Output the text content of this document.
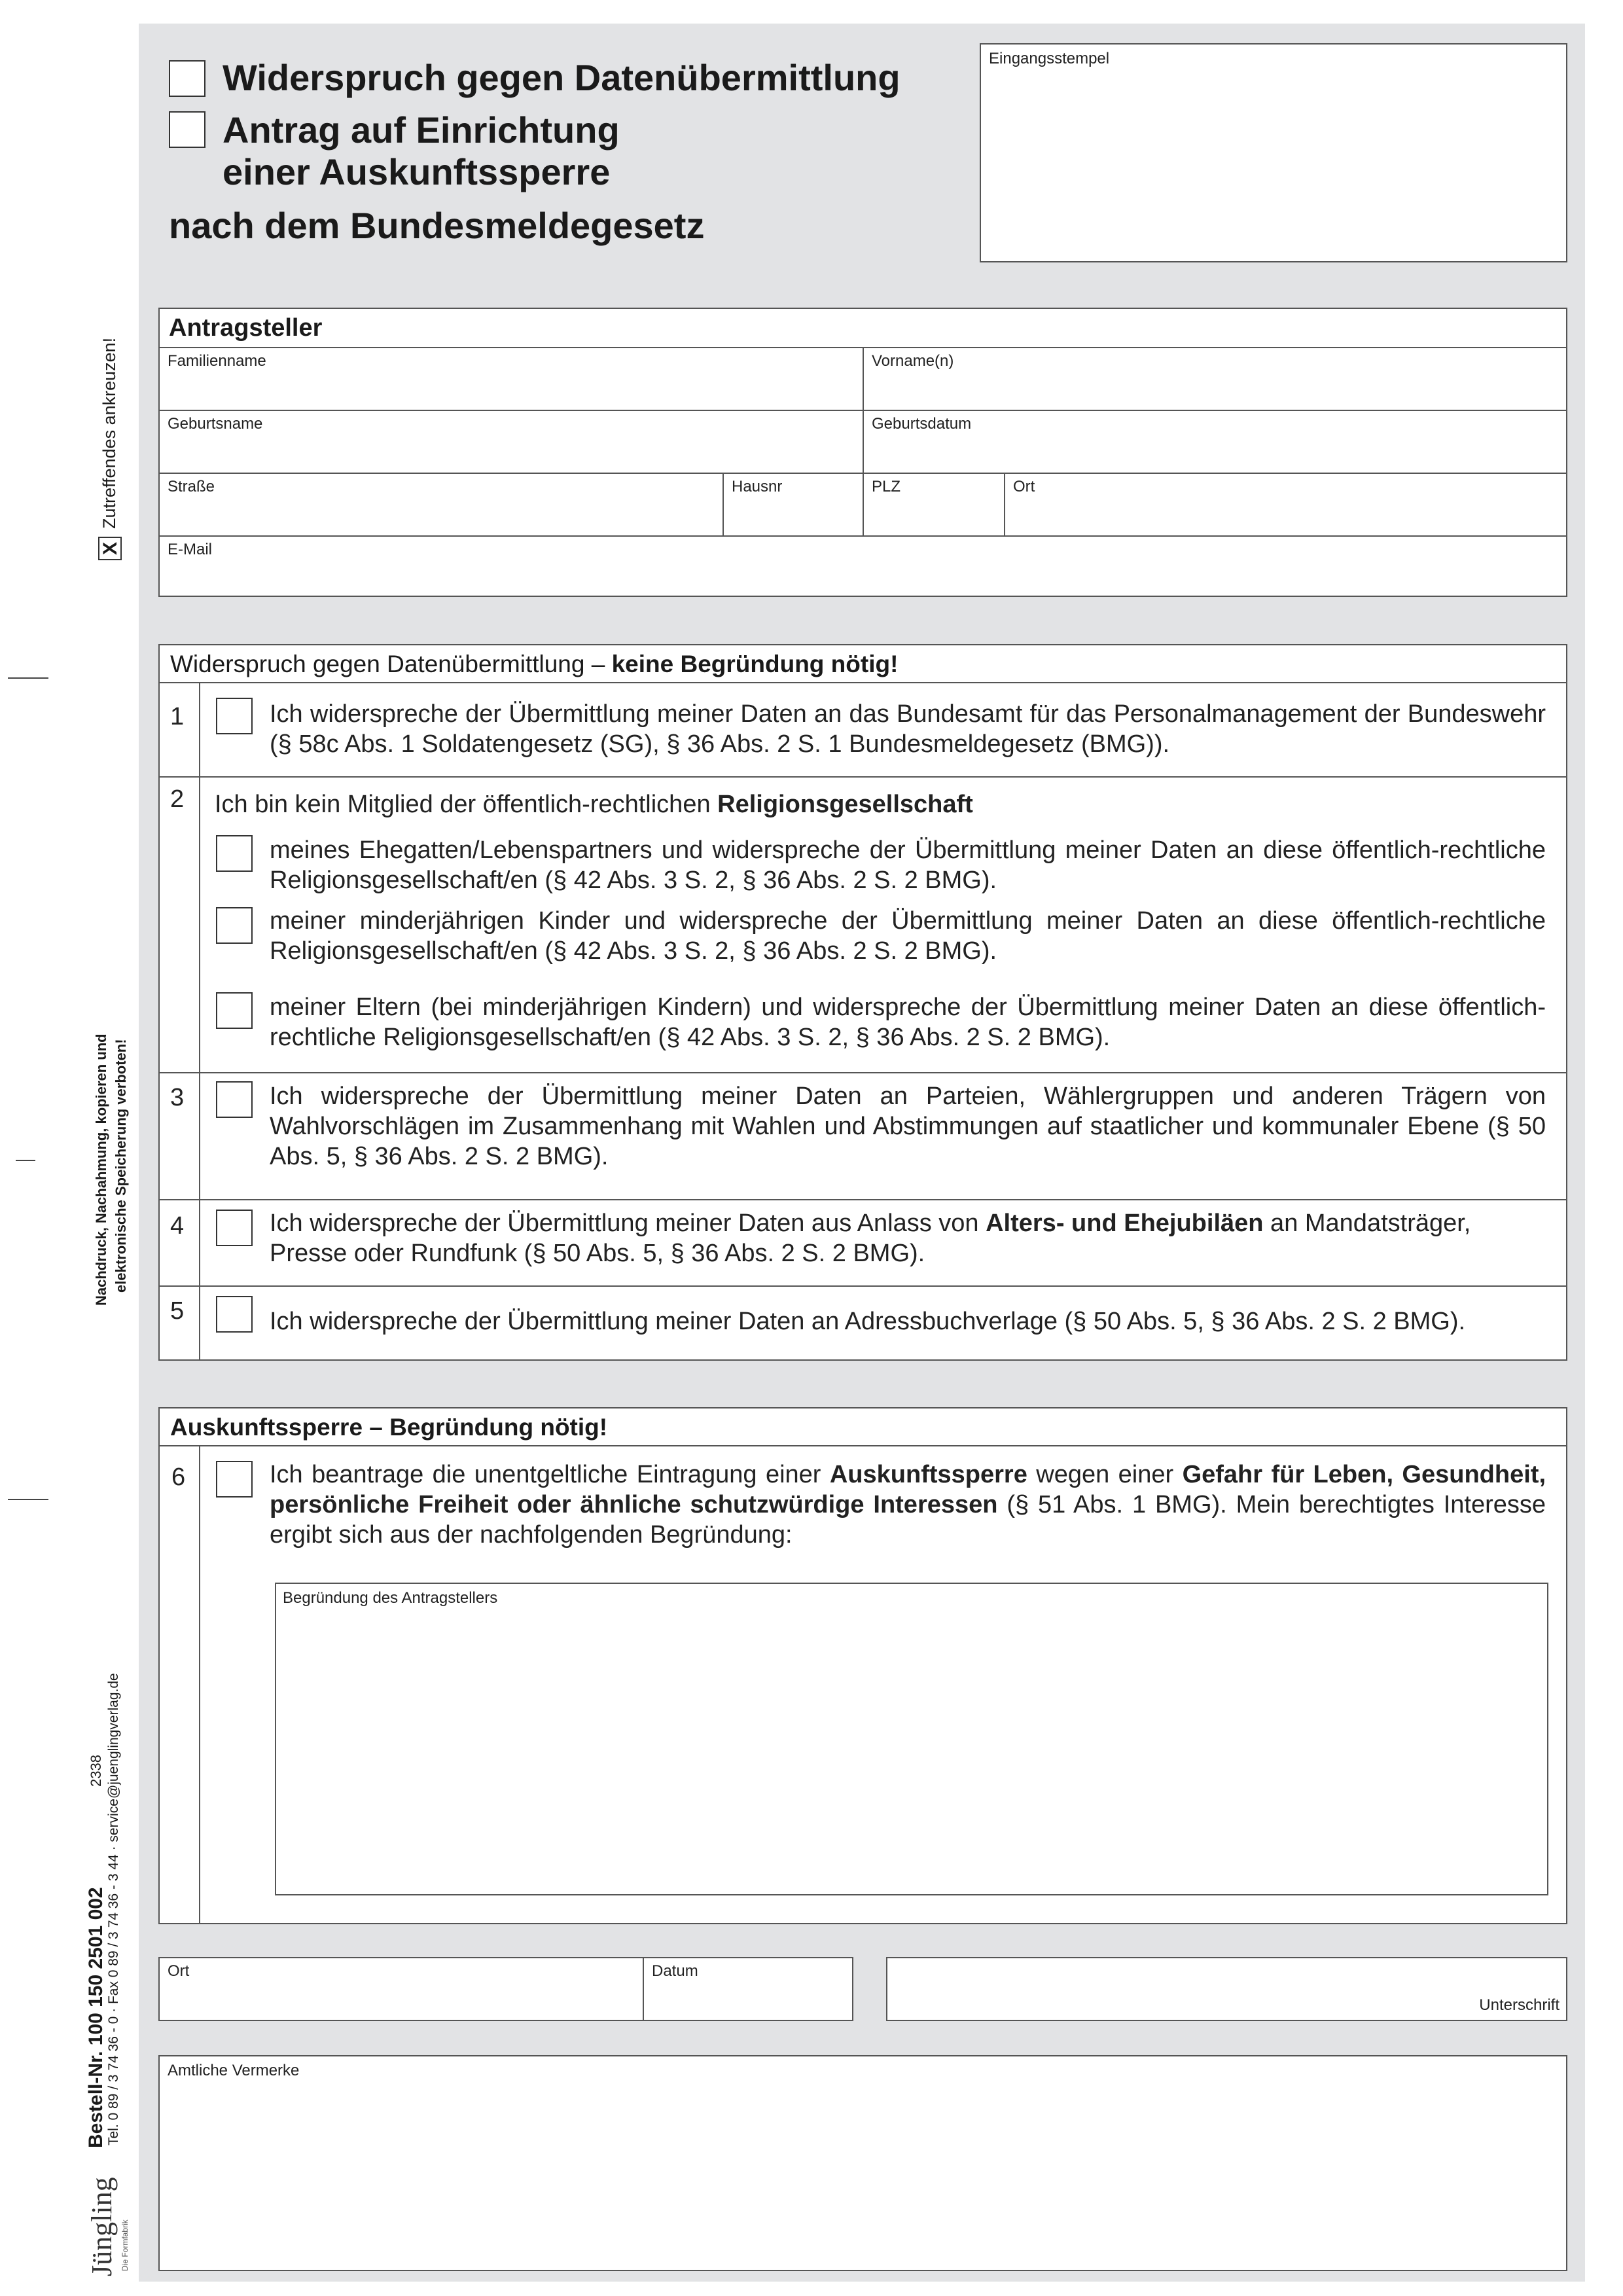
Widerspruch gegen Datenübermittlung
Antrag auf Einrichtung
einer Auskunftssperre
nach dem Bundesmeldegesetz
Eingangsstempel
X
Zutreffendes ankreuzen!
Nachdruck, Nachahmung, kopieren und elektronische Speicherung verboten!
Bestell-Nr. 100 150 2501 002 Tel. 0 89 / 3 74 36 - 0 · Fax 0 89 / 3 74 36 - 3 44 · service@juenglingverlag.de
2338
Jüngling Die Formfabrik
Antragsteller
Familienname	Vorname(n)
Geburtsname	Geburtsdatum
Straße	Hausnr	PLZ	Ort
E-Mail
Widerspruch gegen Datenübermittlung – keine Begründung nötig!
1	Ich widerspreche der Übermittlung meiner Daten an das Bundesamt für das Personalmanagement der Bundeswehr (§ 58c Abs. 1 Soldatengesetz (SG), § 36 Abs. 2 S. 1 Bundesmeldegesetz (BMG)).
2 Ich bin kein Mitglied der öffentlich-rechtlichen Religionsgesellschaft
meines Ehegatten/Lebenspartners und widerspreche der Übermittlung meiner Daten an diese öffentlich-rechtliche Religionsgesellschaft/en (§ 42 Abs. 3 S. 2, § 36 Abs. 2 S. 2 BMG).
meiner minderjährigen Kinder und widerspreche der Übermittlung meiner Daten an diese öffentlich-rechtliche Religionsgesellschaft/en (§ 42 Abs. 3 S. 2, § 36 Abs. 2 S. 2 BMG).
meiner Eltern (bei minderjährigen Kindern) und widerspreche der Übermittlung meiner Daten an diese öffentlich-rechtliche Religionsgesellschaft/en (§ 42 Abs. 3 S. 2, § 36 Abs. 2 S. 2 BMG).
3	Ich widerspreche der Übermittlung meiner Daten an Parteien, Wählergruppen und anderen Trägern von Wahlvorschlägen im Zusammenhang mit Wahlen und Abstimmungen auf staatlicher und kommunaler Ebene (§ 50 Abs. 5, § 36 Abs. 2 S. 2 BMG).
4	Ich widerspreche der Übermittlung meiner Daten aus Anlass von Alters- und Ehejubiläen an Mandatsträger, Presse oder Rundfunk (§ 50 Abs. 5, § 36 Abs. 2 S. 2 BMG).
5	Ich widerspreche der Übermittlung meiner Daten an Adressbuchverlage (§ 50 Abs. 5, § 36 Abs. 2 S. 2 BMG).
Auskunftssperre – Begründung nötig!
6	Ich beantrage die unentgeltliche Eintragung einer Auskunftssperre wegen einer Gefahr für Leben, Gesundheit, persönliche Freiheit oder ähnliche schutzwürdige Interessen (§ 51 Abs. 1 BMG). Mein berechtigtes Interesse ergibt sich aus der nachfolgenden Begründung:
Begründung des Antragstellers
Ort	Datum
Unterschrift
Amtliche Vermerke
